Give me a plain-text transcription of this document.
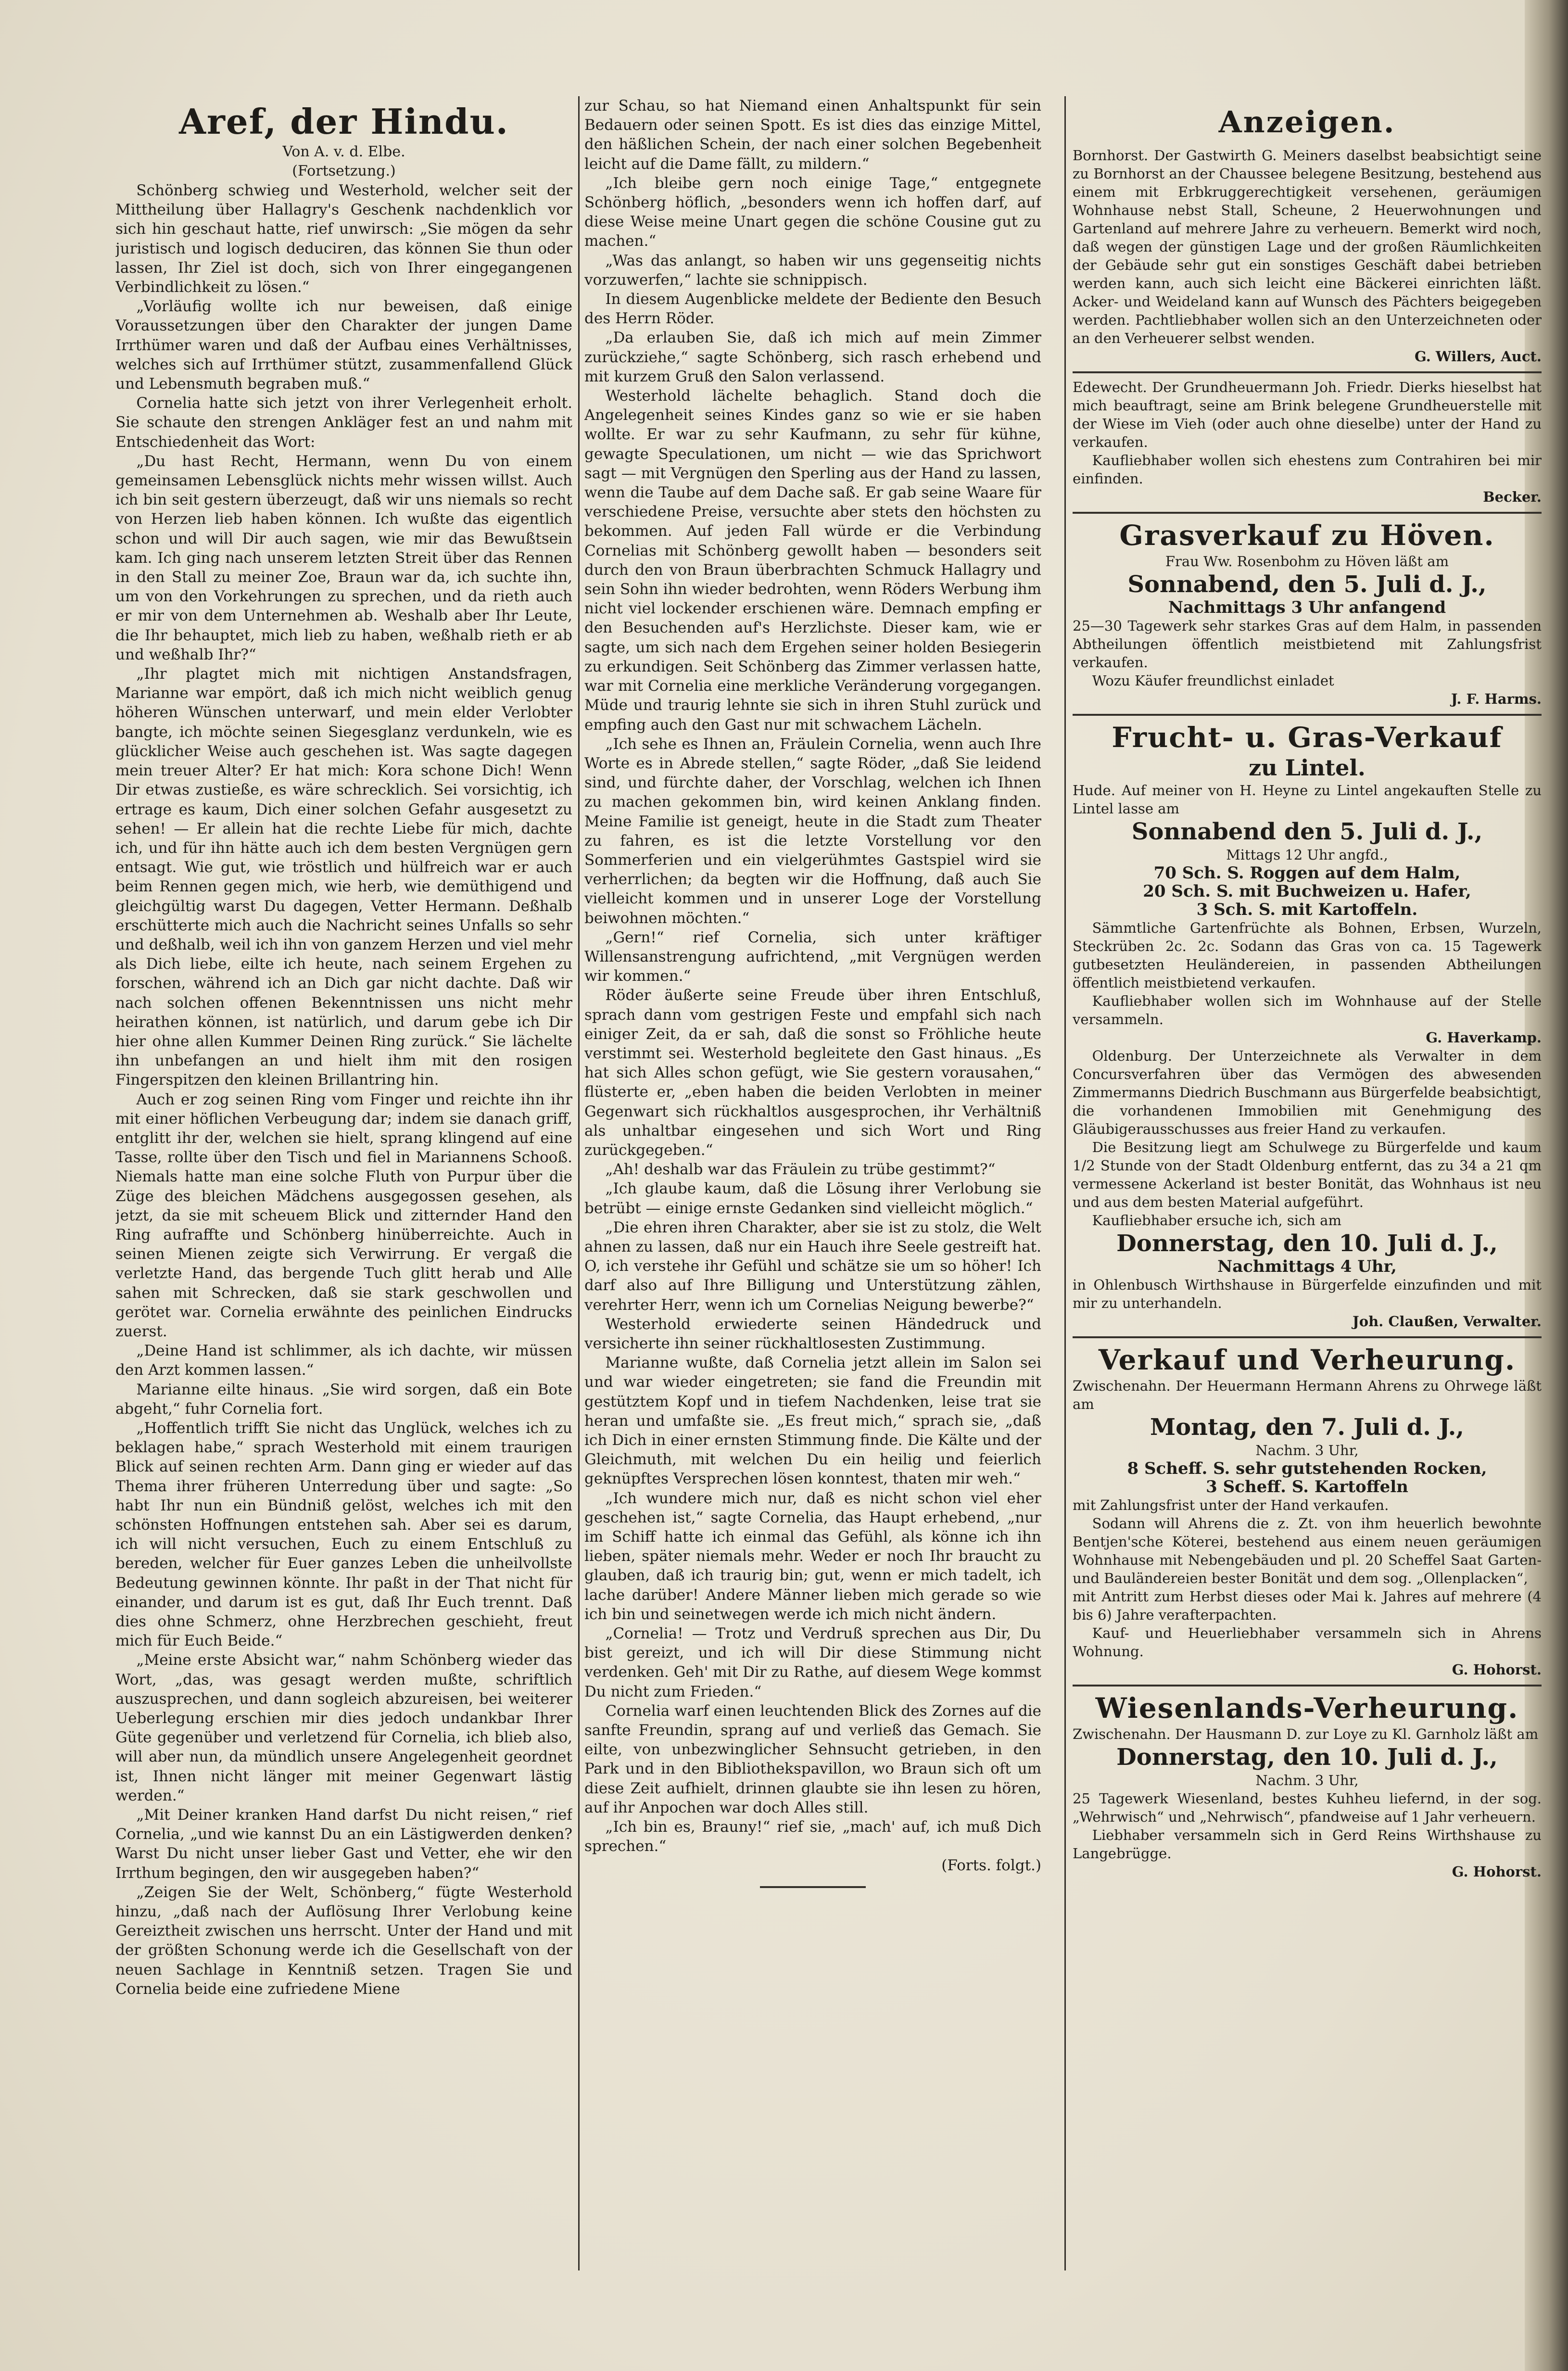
Aref, der Hindu.

Von A. v. d. Elbe.

(Fortsetzung.)

Schönberg schwieg und Westerhold, welcher seit der Mittheilung über Hallagry's Geschenk nachdenklich vor sich hin geschaut hatte, rief unwirsch: „Sie mögen da sehr juristisch und logisch deduciren, das können Sie thun oder lassen, Ihr Ziel ist doch, sich von Ihrer eingegangenen Verbindlichkeit zu lösen.“

„Vorläufig wollte ich nur beweisen, daß einige Voraussetzungen über den Charakter der jungen Dame Irrthümer waren und daß der Aufbau eines Verhältnisses, welches sich auf Irrthümer stützt, zusammenfallend Glück und Lebensmuth begraben muß.“

Cornelia hatte sich jetzt von ihrer Verlegenheit erholt. Sie schaute den strengen Ankläger fest an und nahm mit Entschiedenheit das Wort:

„Du hast Recht, Hermann, wenn Du von einem gemeinsamen Lebensglück nichts mehr wissen willst. Auch ich bin seit gestern überzeugt, daß wir uns niemals so recht von Herzen lieb haben können. Ich wußte das eigentlich schon und will Dir auch sagen, wie mir das Bewußtsein kam. Ich ging nach unserem letzten Streit über das Rennen in den Stall zu meiner Zoe, Braun war da, ich suchte ihn, um von den Vorkehrungen zu sprechen, und da rieth auch er mir von dem Unternehmen ab. Weshalb aber Ihr Leute, die Ihr behauptet, mich lieb zu haben, weßhalb rieth er ab und weßhalb Ihr?“

„Ihr plagtet mich mit nichtigen Anstandsfragen, Marianne war empört, daß ich mich nicht weiblich genug höheren Wünschen unterwarf, und mein elder Verlobter bangte, ich möchte seinen Siegesglanz verdunkeln, wie es glücklicher Weise auch geschehen ist. Was sagte dagegen mein treuer Alter? Er hat mich: Kora schone Dich! Wenn Dir etwas zustieße, es wäre schrecklich. Sei vorsichtig, ich ertrage es kaum, Dich einer solchen Gefahr ausgesetzt zu sehen! — Er allein hat die rechte Liebe für mich, dachte ich, und für ihn hätte auch ich dem besten Vergnügen gern entsagt. Wie gut, wie tröstlich und hülfreich war er auch beim Rennen gegen mich, wie herb, wie demüthigend und gleichgültig warst Du dagegen, Vetter Hermann. Deßhalb erschütterte mich auch die Nachricht seines Unfalls so sehr und deßhalb, weil ich ihn von ganzem Herzen und viel mehr als Dich liebe, eilte ich heute, nach seinem Ergehen zu forschen, während ich an Dich gar nicht dachte. Daß wir nach solchen offenen Bekenntnissen uns nicht mehr heirathen können, ist natürlich, und darum gebe ich Dir hier ohne allen Kummer Deinen Ring zurück.“ Sie lächelte ihn unbefangen an und hielt ihm mit den rosigen Fingerspitzen den kleinen Brillantring hin.

Auch er zog seinen Ring vom Finger und reichte ihn ihr mit einer höflichen Verbeugung dar; indem sie danach griff, entglitt ihr der, welchen sie hielt, sprang klingend auf eine Tasse, rollte über den Tisch und fiel in Mariannens Schooß. Niemals hatte man eine solche Fluth von Purpur über die Züge des bleichen Mädchens ausgegossen gesehen, als jetzt, da sie mit scheuem Blick und zitternder Hand den Ring aufraffte und Schönberg hinüberreichte. Auch in seinen Mienen zeigte sich Verwirrung. Er vergaß die verletzte Hand, das bergende Tuch glitt herab und Alle sahen mit Schrecken, daß sie stark geschwollen und gerötet war. Cornelia erwähnte des peinlichen Eindrucks zuerst.

„Deine Hand ist schlimmer, als ich dachte, wir müssen den Arzt kommen lassen.“

Marianne eilte hinaus. „Sie wird sorgen, daß ein Bote abgeht,“ fuhr Cornelia fort.

„Hoffentlich trifft Sie nicht das Unglück, welches ich zu beklagen habe,“ sprach Westerhold mit einem traurigen Blick auf seinen rechten Arm. Dann ging er wieder auf das Thema ihrer früheren Unterredung über und sagte: „So habt Ihr nun ein Bündniß gelöst, welches ich mit den schönsten Hoffnungen entstehen sah. Aber sei es darum, ich will nicht versuchen, Euch zu einem Entschluß zu bereden, welcher für Euer ganzes Leben die unheilvollste Bedeutung gewinnen könnte. Ihr paßt in der That nicht für einander, und darum ist es gut, daß Ihr Euch trennt. Daß dies ohne Schmerz, ohne Herzbrechen geschieht, freut mich für Euch Beide.“

„Meine erste Absicht war,“ nahm Schönberg wieder das Wort, „das, was gesagt werden mußte, schriftlich auszusprechen, und dann sogleich abzureisen, bei weiterer Ueberlegung erschien mir dies jedoch undankbar Ihrer Güte gegenüber und verletzend für Cornelia, ich blieb also, will aber nun, da mündlich unsere Angelegenheit geordnet ist, Ihnen nicht länger mit meiner Gegenwart lästig werden.“

„Mit Deiner kranken Hand darfst Du nicht reisen,“ rief Cornelia, „und wie kannst Du an ein Lästigwerden denken? Warst Du nicht unser lieber Gast und Vetter, ehe wir den Irrthum begingen, den wir ausgegeben haben?“

„Zeigen Sie der Welt, Schönberg,“ fügte Westerhold hinzu, „daß nach der Auflösung Ihrer Verlobung keine Gereiztheit zwischen uns herrscht. Unter der Hand und mit der größten Schonung werde ich die Gesellschaft von der neuen Sachlage in Kenntniß setzen. Tragen Sie und Cornelia beide eine zufriedene Miene

zur Schau, so hat Niemand einen Anhaltspunkt für sein Bedauern oder seinen Spott. Es ist dies das einzige Mittel, den häßlichen Schein, der nach einer solchen Begebenheit leicht auf die Dame fällt, zu mildern.“

„Ich bleibe gern noch einige Tage,“ entgegnete Schönberg höflich, „besonders wenn ich hoffen darf, auf diese Weise meine Unart gegen die schöne Cousine gut zu machen.“

„Was das anlangt, so haben wir uns gegenseitig nichts vorzuwerfen,“ lachte sie schnippisch.

In diesem Augenblicke meldete der Bediente den Besuch des Herrn Röder.

„Da erlauben Sie, daß ich mich auf mein Zimmer zurückziehe,“ sagte Schönberg, sich rasch erhebend und mit kurzem Gruß den Salon verlassend.

Westerhold lächelte behaglich. Stand doch die Angelegenheit seines Kindes ganz so wie er sie haben wollte. Er war zu sehr Kaufmann, zu sehr für kühne, gewagte Speculationen, um nicht — wie das Sprichwort sagt — mit Vergnügen den Sperling aus der Hand zu lassen, wenn die Taube auf dem Dache saß. Er gab seine Waare für verschiedene Preise, versuchte aber stets den höchsten zu bekommen. Auf jeden Fall würde er die Verbindung Cornelias mit Schönberg gewollt haben — besonders seit durch den von Braun überbrachten Schmuck Hallagry und sein Sohn ihn wieder bedrohten, wenn Röders Werbung ihm nicht viel lockender erschienen wäre. Demnach empfing er den Besuchenden auf's Herzlichste. Dieser kam, wie er sagte, um sich nach dem Ergehen seiner holden Besiegerin zu erkundigen. Seit Schönberg das Zimmer verlassen hatte, war mit Cornelia eine merkliche Veränderung vorgegangen. Müde und traurig lehnte sie sich in ihren Stuhl zurück und empfing auch den Gast nur mit schwachem Lächeln.

„Ich sehe es Ihnen an, Fräulein Cornelia, wenn auch Ihre Worte es in Abrede stellen,“ sagte Röder, „daß Sie leidend sind, und fürchte daher, der Vorschlag, welchen ich Ihnen zu machen gekommen bin, wird keinen Anklang finden. Meine Familie ist geneigt, heute in die Stadt zum Theater zu fahren, es ist die letzte Vorstellung vor den Sommerferien und ein vielgerühmtes Gastspiel wird sie verherrlichen; da begten wir die Hoffnung, daß auch Sie vielleicht kommen und in unserer Loge der Vorstellung beiwohnen möchten.“

„Gern!“ rief Cornelia, sich unter kräftiger Willensanstrengung aufrichtend, „mit Vergnügen werden wir kommen.“

Röder äußerte seine Freude über ihren Entschluß, sprach dann vom gestrigen Feste und empfahl sich nach einiger Zeit, da er sah, daß die sonst so Fröhliche heute verstimmt sei. Westerhold begleitete den Gast hinaus. „Es hat sich Alles schon gefügt, wie Sie gestern vorausahen,“ flüsterte er, „eben haben die beiden Verlobten in meiner Gegenwart sich rückhaltlos ausgesprochen, ihr Verhältniß als unhaltbar eingesehen und sich Wort und Ring zurückgegeben.“

„Ah! deshalb war das Fräulein zu trübe gestimmt?“

„Ich glaube kaum, daß die Lösung ihrer Verlobung sie betrübt — einige ernste Gedanken sind vielleicht möglich.“

„Die ehren ihren Charakter, aber sie ist zu stolz, die Welt ahnen zu lassen, daß nur ein Hauch ihre Seele gestreift hat. O, ich verstehe ihr Gefühl und schätze sie um so höher! Ich darf also auf Ihre Billigung und Unterstützung zählen, verehrter Herr, wenn ich um Cornelias Neigung bewerbe?“

Westerhold erwiederte seinen Händedruck und versicherte ihn seiner rückhaltlosesten Zustimmung.

Marianne wußte, daß Cornelia jetzt allein im Salon sei und war wieder eingetreten; sie fand die Freundin mit gestütztem Kopf und in tiefem Nachdenken, leise trat sie heran und umfaßte sie. „Es freut mich,“ sprach sie, „daß ich Dich in einer ernsten Stimmung finde. Die Kälte und der Gleichmuth, mit welchen Du ein heilig und feierlich geknüpftes Versprechen lösen konntest, thaten mir weh.“

„Ich wundere mich nur, daß es nicht schon viel eher geschehen ist,“ sagte Cornelia, das Haupt erhebend, „nur im Schiff hatte ich einmal das Gefühl, als könne ich ihn lieben, später niemals mehr. Weder er noch Ihr braucht zu glauben, daß ich traurig bin; gut, wenn er mich tadelt, ich lache darüber! Andere Männer lieben mich gerade so wie ich bin und seinetwegen werde ich mich nicht ändern.

„Cornelia! — Trotz und Verdruß sprechen aus Dir, Du bist gereizt, und ich will Dir diese Stimmung nicht verdenken. Geh' mit Dir zu Rathe, auf diesem Wege kommst Du nicht zum Frieden.“

Cornelia warf einen leuchtenden Blick des Zornes auf die sanfte Freundin, sprang auf und verließ das Gemach. Sie eilte, von unbezwinglicher Sehnsucht getrieben, in den Park und in den Bibliothekspavillon, wo Braun sich oft um diese Zeit aufhielt, drinnen glaubte sie ihn lesen zu hören, auf ihr Anpochen war doch Alles still.

„Ich bin es, Brauny!“ rief sie, „mach' auf, ich muß Dich sprechen.“

(Forts. folgt.)

Anzeigen.

Bornhorst. Der Gastwirth G. Meiners daselbst beabsichtigt seine zu Bornhorst an der Chaussee belegene Besitzung, bestehend aus einem mit Erbkruggerechtigkeit versehenen, geräumigen Wohnhause nebst Stall, Scheune, 2 Heuerwohnungen und Gartenland auf mehrere Jahre zu verheuern. Bemerkt wird noch, daß wegen der günstigen Lage und der großen Räumlichkeiten der Gebäude sehr gut ein sonstiges Geschäft dabei betrieben werden kann, auch sich leicht eine Bäckerei einrichten läßt. Acker- und Weideland kann auf Wunsch des Pächters beigegeben werden. Pachtliebhaber wollen sich an den Unterzeichneten oder an den Verheuerer selbst wenden.

G. Willers, Auct.

Edewecht. Der Grundheuermann Joh. Friedr. Dierks hieselbst hat mich beauftragt, seine am Brink belegene Grundheuerstelle mit der Wiese im Vieh (oder auch ohne dieselbe) unter der Hand zu verkaufen.

Kaufliebhaber wollen sich ehestens zum Contrahiren bei mir einfinden.

Becker.

Grasverkauf zu Höven.

Frau Ww. Rosenbohm zu Höven läßt am

Sonnabend, den 5. Juli d. J.,

Nachmittags 3 Uhr anfangend

25—30 Tagewerk sehr starkes Gras auf dem Halm, in passenden Abtheilungen öffentlich meistbietend mit Zahlungsfrist verkaufen.

Wozu Käufer freundlichst einladet

J. F. Harms.

Frucht- u. Gras-Verkauf

zu Lintel.

Hude. Auf meiner von H. Heyne zu Lintel angekauften Stelle zu Lintel lasse am

Sonnabend den 5. Juli d. J.,

Mittags 12 Uhr angfd.,

70 Sch. S. Roggen auf dem Halm,

20 Sch. S. mit Buchweizen u. Hafer,

3 Sch. S. mit Kartoffeln.

Sämmtliche Gartenfrüchte als Bohnen, Erbsen, Wurzeln, Steckrüben 2c. 2c. Sodann das Gras von ca. 15 Tagewerk gutbesetzten Heuländereien, in passenden Abtheilungen öffentlich meistbietend verkaufen.

Kaufliebhaber wollen sich im Wohnhause auf der Stelle versammeln.

G. Haverkamp.

Oldenburg. Der Unterzeichnete als Verwalter in dem Concursverfahren über das Vermögen des abwesenden Zimmermanns Diedrich Buschmann aus Bürgerfelde beabsichtigt, die vorhandenen Immobilien mit Genehmigung des Gläubigerausschusses aus freier Hand zu verkaufen.

Die Besitzung liegt am Schulwege zu Bürgerfelde und kaum 1/2 Stunde von der Stadt Oldenburg entfernt, das zu 34 a 21 qm vermessene Ackerland ist bester Bonität, das Wohnhaus ist neu und aus dem besten Material aufgeführt.

Kaufliebhaber ersuche ich, sich am

Donnerstag, den 10. Juli d. J.,

Nachmittags 4 Uhr,

in Ohlenbusch Wirthshause in Bürgerfelde einzufinden und mit mir zu unterhandeln.

Joh. Claußen, Verwalter.

Verkauf und Verheurung.

Zwischenahn. Der Heuermann Hermann Ahrens zu Ohrwege läßt am

Montag, den 7. Juli d. J.,

Nachm. 3 Uhr,

8 Scheff. S. sehr gutstehenden Rocken,

3 Scheff. S. Kartoffeln

mit Zahlungsfrist unter der Hand verkaufen.

Sodann will Ahrens die z. Zt. von ihm heuerlich bewohnte Bentjen'sche Köterei, bestehend aus einem neuen geräumigen Wohnhause mit Nebengebäuden und pl. 20 Scheffel Saat Garten- und Bauländereien bester Bonität und dem sog. „Ollenplacken“,

mit Antritt zum Herbst dieses oder Mai k. Jahres auf mehrere (4 bis 6) Jahre verafterpachten.

Kauf- und Heuerliebhaber versammeln sich in Ahrens Wohnung.

G. Hohorst.

Wiesenlands-Verheurung.

Zwischenahn. Der Hausmann D. zur Loye zu Kl. Garnholz läßt am

Donnerstag, den 10. Juli d. J.,

Nachm. 3 Uhr,

25 Tagewerk Wiesenland, bestes Kuhheu liefernd, in der sog. „Wehrwisch“ und „Nehrwisch“, pfandweise auf 1 Jahr verheuern.

Liebhaber versammeln sich in Gerd Reins Wirthshause zu Langebrügge.

G. Hohorst.
